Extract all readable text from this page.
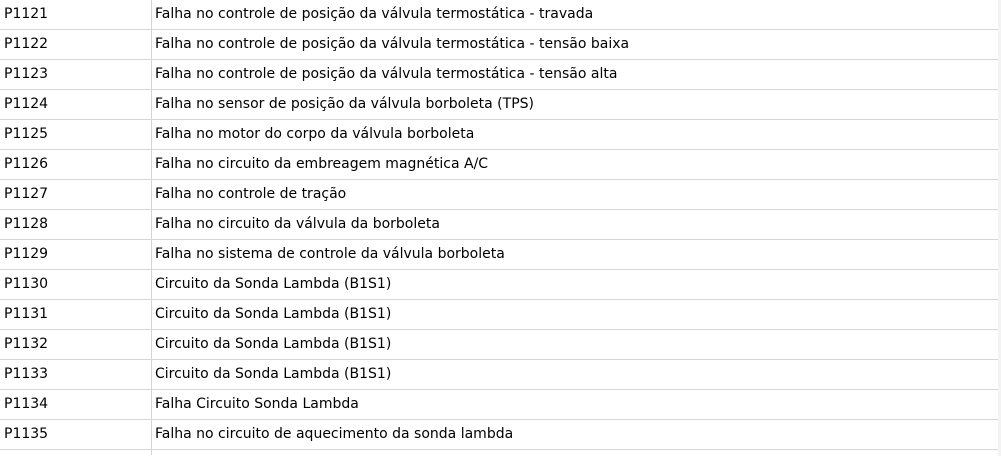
P1121	Falha no controle de posição da válvula termostática - travada
P1122	Falha no controle de posição da válvula termostática - tensão baixa
P1123	Falha no controle de posição da válvula termostática - tensão alta
P1124	Falha no sensor de posição da válvula borboleta (TPS)
P1125	Falha no motor do corpo da válvula borboleta
P1126	Falha no circuito da embreagem magnética A/C
P1127	Falha no controle de tração
P1128	Falha no circuito da válvula da borboleta
P1129	Falha no sistema de controle da válvula borboleta
P1130	Circuito da Sonda Lambda (B1S1)
P1131	Circuito da Sonda Lambda (B1S1)
P1132	Circuito da Sonda Lambda (B1S1)
P1133	Circuito da Sonda Lambda (B1S1)
P1134	Falha Circuito Sonda Lambda
P1135	Falha no circuito de aquecimento da sonda lambda
